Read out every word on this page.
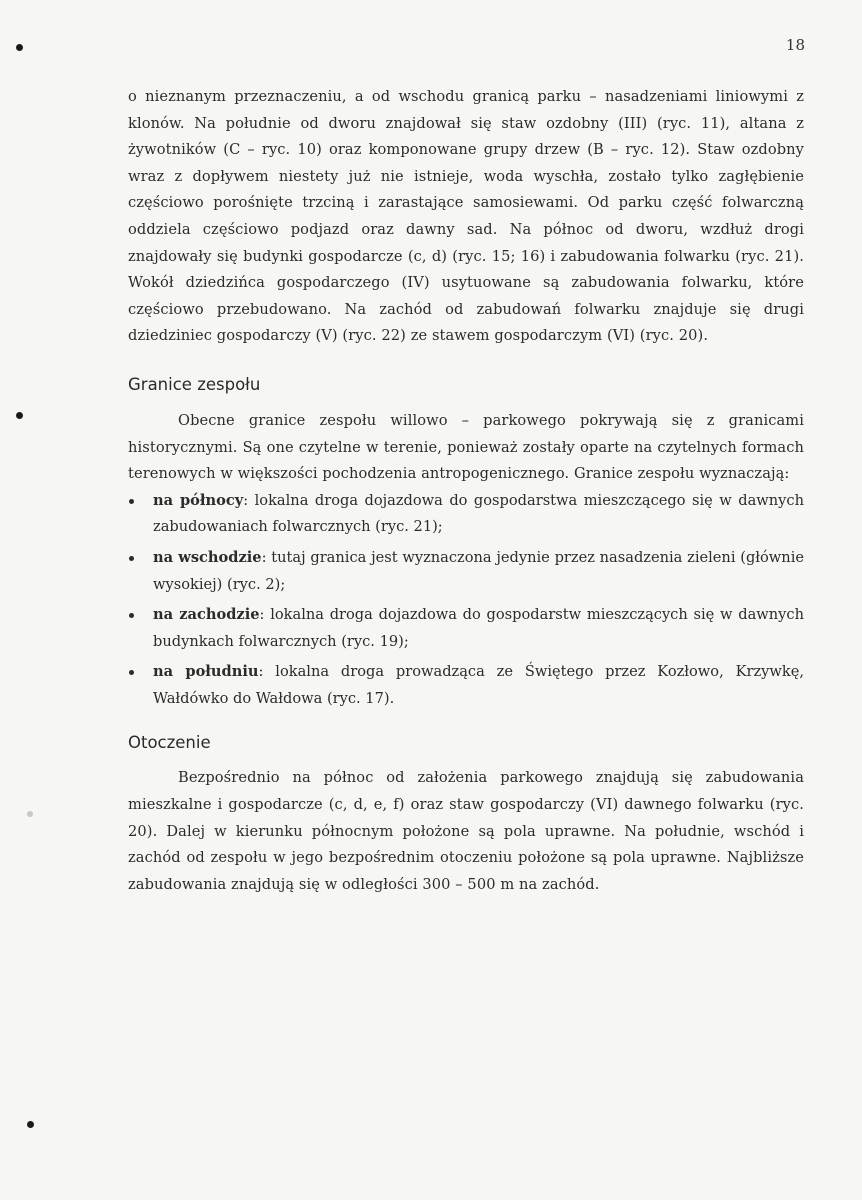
18

o nieznanym przeznaczeniu, a od wschodu granicą parku – nasadzeniami liniowymi z klonów. Na południe od dworu znajdował się staw ozdobny (III) (ryc. 11), altana z żywotników (C – ryc. 10) oraz komponowane grupy drzew (B – ryc. 12). Staw ozdobny wraz z dopływem niestety już nie istnieje, woda wyschła, zostało tylko zagłębienie częściowo porośnięte trzciną i zarastające samosiewami. Od parku część folwarczną oddziela częściowo podjazd oraz dawny sad. Na północ od dworu, wzdłuż drogi znajdowały się budynki gospodarcze (c, d) (ryc. 15; 16) i zabudowania folwarku (ryc. 21). Wokół dziedzińca gospodarczego (IV) usytuowane są zabudowania folwarku, które częściowo przebudowano. Na zachód od zabudowań folwarku znajduje się drugi dziedziniec gospodarczy (V) (ryc. 22) ze stawem gospodarczym (VI) (ryc. 20).

Granice zespołu

Obecne granice zespołu willowo – parkowego pokrywają się z granicami historycznymi. Są one czytelne w terenie, ponieważ zostały oparte na czytelnych formach terenowych w większości pochodzenia antropogenicznego. Granice zespołu wyznaczają:

na północy: lokalna droga dojazdowa do gospodarstwa mieszczącego się w dawnych zabudowaniach folwarcznych (ryc. 21);
na wschodzie: tutaj granica jest wyznaczona jedynie przez nasadzenia zieleni (głównie wysokiej) (ryc. 2);
na zachodzie: lokalna droga dojazdowa do gospodarstw mieszczących się w dawnych budynkach folwarcznych (ryc. 19);
na południu: lokalna droga prowadząca ze Świętego przez Kozłowo, Krzywkę, Wałdówko do Wałdowa (ryc. 17).
Otoczenie

Bezpośrednio na północ od założenia parkowego znajdują się zabudowania mieszkalne i gospodarcze (c, d, e, f) oraz staw gospodarczy (VI) dawnego folwarku (ryc. 20). Dalej w kierunku północnym położone są pola uprawne. Na południe, wschód i zachód od zespołu w jego bezpośrednim otoczeniu położone są pola uprawne. Najbliższe zabudowania znajdują się w odległości 300 – 500 m na zachód.
